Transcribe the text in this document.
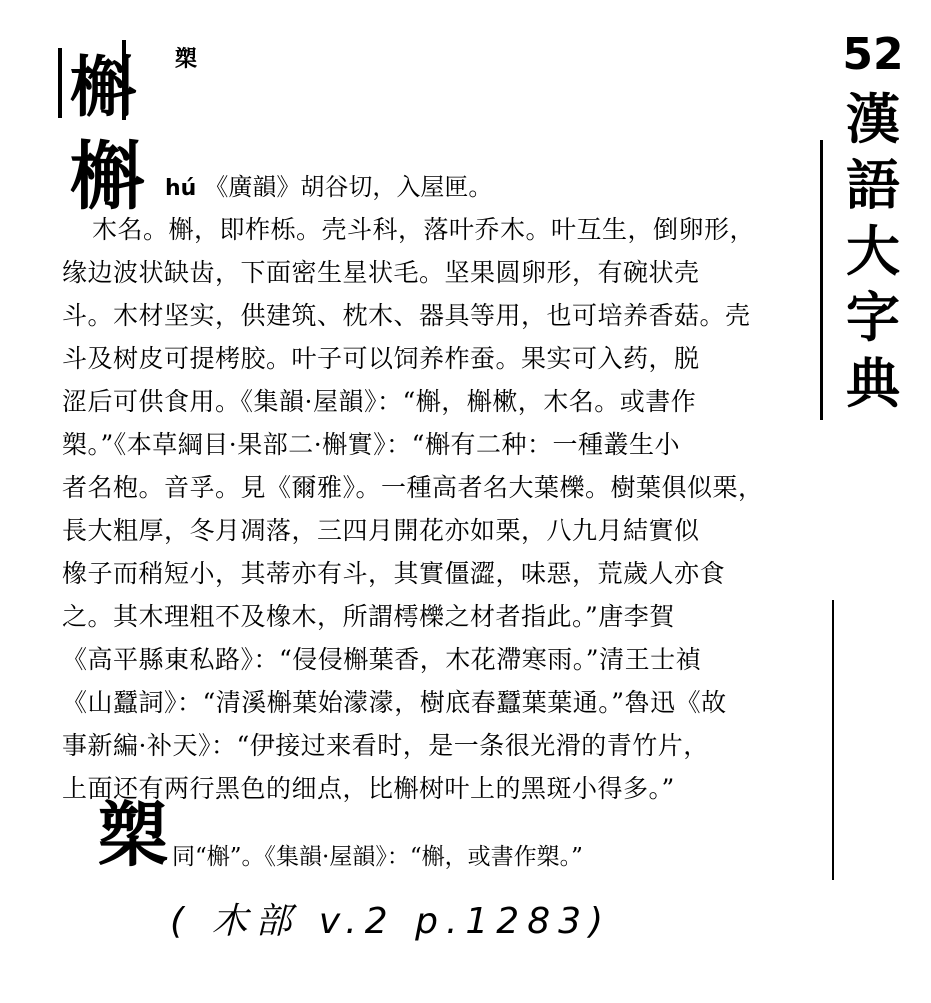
槲 槊
槲 hú 《廣韻》胡谷切，入屋匣。
木名。槲，即柞栎。壳斗科，落叶乔木。叶互生，倒卵形，
缘边波状缺齿，下面密生星状毛。坚果圆卵形，有碗状壳
斗。木材坚实，供建筑、枕木、器具等用，也可培养香菇。壳
斗及树皮可提栲胶。叶子可以饲养柞蚕。果实可入药，脱
涩后可供食用。《集韻·屋韻》：“槲，槲樕，木名。或書作
槊。”《本草綱目·果部二·槲實》：“槲有二种：一種叢生小
者名枹。音孚。見《爾雅》。一種高者名大葉櫟。樹葉俱似栗，
長大粗厚，冬月凋落，三四月開花亦如栗，八九月結實似
橡子而稍短小，其蒂亦有斗，其實僵澀，味惡，荒歲人亦食
之。其木理粗不及橡木，所謂樗櫟之材者指此。”唐李賀
《高平縣東私路》：“侵侵槲葉香，木花滯寒雨。”清王士禎
《山蠶詞》：“清溪槲葉始濛濛，樹底春蠶葉葉通。”魯迅《故
事新編·补天》：“伊接过来看时，是一条很光滑的青竹片，
上面还有两行黑色的细点，比槲树叶上的黑斑小得多。”
槊 同“槲”。《集韻·屋韻》：“槲，或書作槊。”
( 木部 v.2 p.1283)
52
漢語大字典
